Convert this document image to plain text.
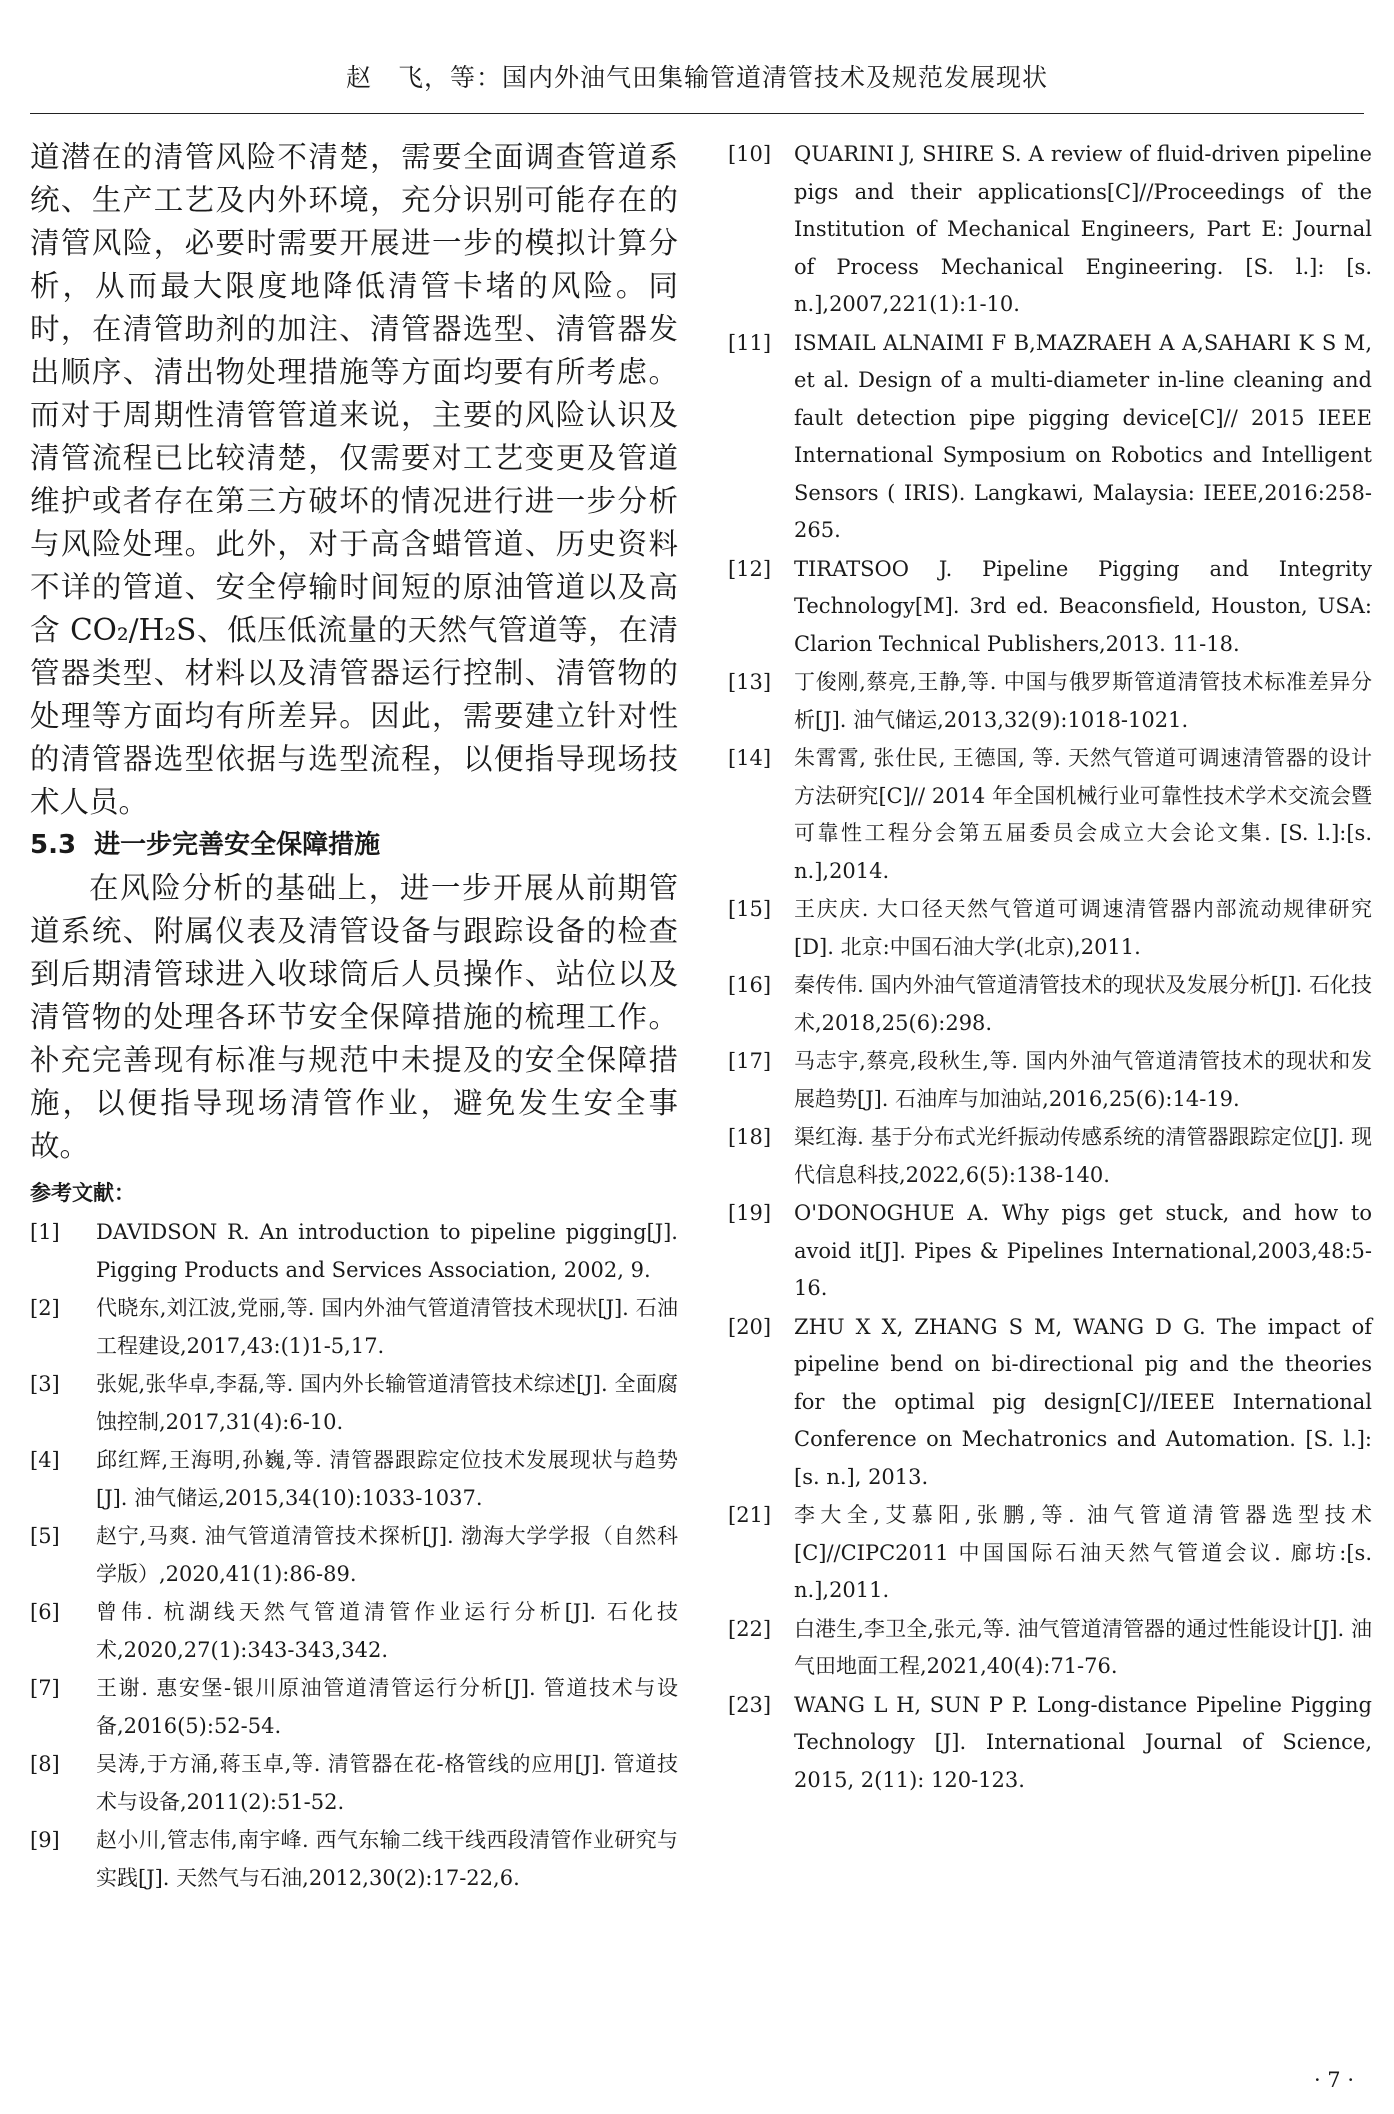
赵　飞，等：国内外油气田集输管道清管技术及规范发展现状

道潜在的清管风险不清楚，需要全面调查管道系统、生产工艺及内外环境，充分识别可能存在的清管风险，必要时需要开展进一步的模拟计算分析，从而最大限度地降低清管卡堵的风险。同时，在清管助剂的加注、清管器选型、清管器发出顺序、清出物处理措施等方面均要有所考虑。而对于周期性清管管道来说，主要的风险认识及清管流程已比较清楚，仅需要对工艺变更及管道维护或者存在第三方破坏的情况进行进一步分析与风险处理。此外，对于高含蜡管道、历史资料不详的管道、安全停输时间短的原油管道以及高含 CO₂/H₂S、低压低流量的天然气管道等，在清管器类型、材料以及清管器运行控制、清管物的处理等方面均有所差异。因此，需要建立针对性的清管器选型依据与选型流程，以便指导现场技术人员。

5.3 进一步完善安全保障措施

在风险分析的基础上，进一步开展从前期管道系统、附属仪表及清管设备与跟踪设备的检查到后期清管球进入收球筒后人员操作、站位以及清管物的处理各环节安全保障措施的梳理工作。补充完善现有标准与规范中未提及的安全保障措施，以便指导现场清管作业，避免发生安全事故。

参考文献：
[1]	DAVIDSON R. An introduction to pipeline pigging[J]. Pigging Products and Services Association, 2002, 9.
[2]	代晓东,刘江波,党丽,等. 国内外油气管道清管技术现状[J]. 石油工程建设,2017,43:(1)1-5,17.
[3]	张妮,张华卓,李磊,等. 国内外长输管道清管技术综述[J]. 全面腐蚀控制,2017,31(4):6-10.
[4]	邱红辉,王海明,孙巍,等. 清管器跟踪定位技术发展现状与趋势[J]. 油气储运,2015,34(10):1033-1037.
[5]	赵宁,马爽. 油气管道清管技术探析[J]. 渤海大学学报（自然科学版）,2020,41(1):86-89.
[6]	曾伟. 杭湖线天然气管道清管作业运行分析[J]. 石化技术,2020,27(1):343-343,342.
[7]	王谢. 惠安堡-银川原油管道清管运行分析[J]. 管道技术与设备,2016(5):52-54.
[8]	吴涛,于方涌,蒋玉卓,等. 清管器在花-格管线的应用[J]. 管道技术与设备,2011(2):51-52.
[9]	赵小川,管志伟,南宇峰. 西气东输二线干线西段清管作业研究与实践[J]. 天然气与石油,2012,30(2):17-22,6.
[10]	QUARINI J, SHIRE S. A review of fluid-driven pipeline pigs and their applications[C]//Proceedings of the Institution of Mechanical Engineers, Part E: Journal of Process Mechanical Engineering. [S. l.]: [s. n.],2007,221(1):1-10.
[11]	ISMAIL ALNAIMI F B,MAZRAEH A A,SAHARI K S M, et al. Design of a multi-diameter in-line cleaning and fault detection pipe pigging device[C]// 2015 IEEE International Symposium on Robotics and Intelligent Sensors ( IRIS). Langkawi, Malaysia: IEEE,2016:258-265.
[12]	TIRATSOO J. Pipeline Pigging and Integrity Technology[M]. 3rd ed. Beaconsfield, Houston, USA: Clarion Technical Publishers,2013. 11-18.
[13]	丁俊刚,蔡亮,王静,等. 中国与俄罗斯管道清管技术标准差异分析[J]. 油气储运,2013,32(9):1018-1021.
[14]	朱霄霄, 张仕民, 王德国, 等. 天然气管道可调速清管器的设计方法研究[C]// 2014 年全国机械行业可靠性技术学术交流会暨可靠性工程分会第五届委员会成立大会论文集. [S. l.]:[s. n.],2014.
[15]	王庆庆. 大口径天然气管道可调速清管器内部流动规律研究[D]. 北京:中国石油大学(北京),2011.
[16]	秦传伟. 国内外油气管道清管技术的现状及发展分析[J]. 石化技术,2018,25(6):298.
[17]	马志宇,蔡亮,段秋生,等. 国内外油气管道清管技术的现状和发展趋势[J]. 石油库与加油站,2016,25(6):14-19.
[18]	渠红海. 基于分布式光纤振动传感系统的清管器跟踪定位[J]. 现代信息科技,2022,6(5):138-140.
[19]	O'DONOGHUE A. Why pigs get stuck, and how to avoid it[J]. Pipes & Pipelines International,2003,48:5-16.
[20]	ZHU X X, ZHANG S M, WANG D G. The impact of pipeline bend on bi-directional pig and the theories for the optimal pig design[C]//IEEE International Conference on Mechatronics and Automation. [S. l.]:[s. n.], 2013.
[21]	李大全,艾慕阳,张鹏,等. 油气管道清管器选型技术[C]//CIPC2011 中国国际石油天然气管道会议. 廊坊:[s. n.],2011.
[22]	白港生,李卫全,张元,等. 油气管道清管器的通过性能设计[J]. 油气田地面工程,2021,40(4):71-76.
[23]	WANG L H, SUN P P. Long-distance Pipeline Pigging Technology [J]. International Journal of Science, 2015, 2(11): 120-123.
· 7 ·
